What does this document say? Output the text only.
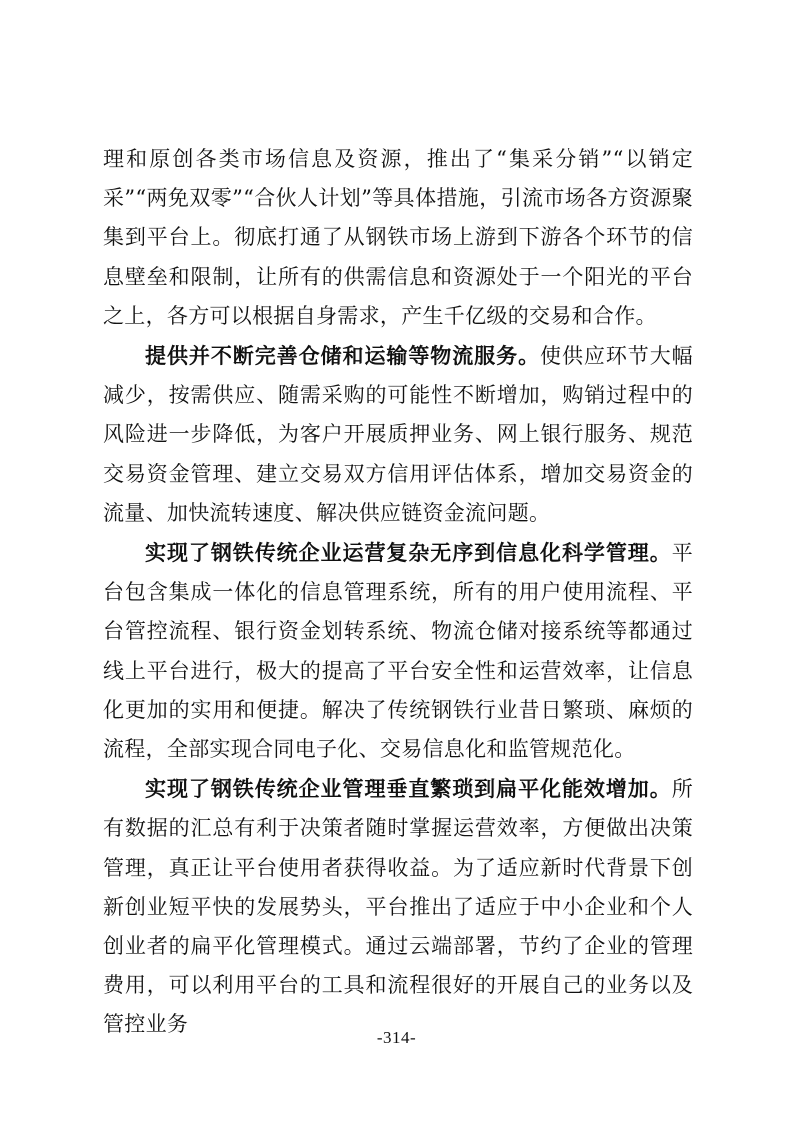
理和原创各类市场信息及资源，推出了“集采分销”“以销定采”“两免双零”“合伙人计划”等具体措施，引流市场各方资源聚集到平台上。彻底打通了从钢铁市场上游到下游各个环节的信息壁垒和限制，让所有的供需信息和资源处于一个阳光的平台之上，各方可以根据自身需求，产生千亿级的交易和合作。

提供并不断完善仓储和运输等物流服务。使供应环节大幅减少，按需供应、随需采购的可能性不断增加，购销过程中的风险进一步降低，为客户开展质押业务、网上银行服务、规范交易资金管理、建立交易双方信用评估体系，增加交易资金的流量、加快流转速度、解决供应链资金流问题。

实现了钢铁传统企业运营复杂无序到信息化科学管理。平台包含集成一体化的信息管理系统，所有的用户使用流程、平台管控流程、银行资金划转系统、物流仓储对接系统等都通过线上平台进行，极大的提高了平台安全性和运营效率，让信息化更加的实用和便捷。解决了传统钢铁行业昔日繁琐、麻烦的流程，全部实现合同电子化、交易信息化和监管规范化。

实现了钢铁传统企业管理垂直繁琐到扁平化能效增加。所有数据的汇总有利于决策者随时掌握运营效率，方便做出决策管理，真正让平台使用者获得收益。为了适应新时代背景下创新创业短平快的发展势头，平台推出了适应于中小企业和个人创业者的扁平化管理模式。通过云端部署，节约了企业的管理费用，可以利用平台的工具和流程很好的开展自己的业务以及管控业务

-314-
